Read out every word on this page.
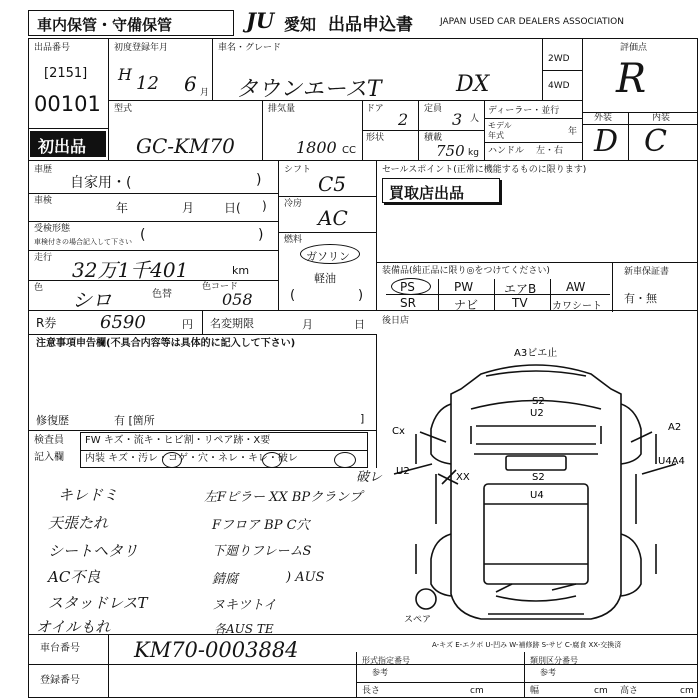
車内保管・守備保管	JU 愛知 出品申込書	JAPAN USED CAR DEALERS ASSOCIATION
出品番号
[2151]
00101
初出品
初度登録年月
H 12 6 月
車名・グレード
タウンエースT	DX
2WD
4WD
評価点
R
外装	内装
D C
型式
GC-KM70
排気量
1800 CC
ドア
2
定員
3 人
形状	積載
750 kg
ディーラー・並行
モデル
年式	年
ハンドル 左・右
車歴
自家用・(	)
車検	年	月 日( )
受検形態
車検付きの場合記入して下さい (	)
走行 32万1千401	km
色 シロ	色替
色コード
058
シフト
C5
冷房
AC
燃料
ガソリン
軽油
(	)
セールスポイント(正常に機能するものに限ります)
買取店出品
装備品(純正品に限り◎をつけてください)
PS	PW	エアB AW
SR	ナビ	TV カワシート
新車保証書
有・無
R券 6590	円 名変期限	月	日 後日店
注意事項申告欄(不具合内容等は具体的に記入して下さい)
修復歴	有 [箇所	]
検査員
記入欄
FW キズ・流キ・ヒビ割・リペア跡・X要
内装 キズ・汚レ・コゲ・穴・ネレ・キレ・破レ
破レ
キレドミ
天張たれ
シートヘタリ
AC不良
スタッドレスT
オイルもれ
左Fピラー XX BPクランプ
Fフロア BP C穴
下廻りフレームS
錆腐
ヌキツトイ
各AUS TE
) AUS
A3ビエ止
S2
U2
S2
U4
Cx
U2
XX
A2
U4A4
スペア
A-キズ E-エクボ U-凹み W-補修跡 S-サビ C-腐食 XX-交換済
車台番号	KM70-0003884
登録番号
形式指定番号
参考
類別区分番号
参考
長さ	cm	幅	cm 高さ	cm
